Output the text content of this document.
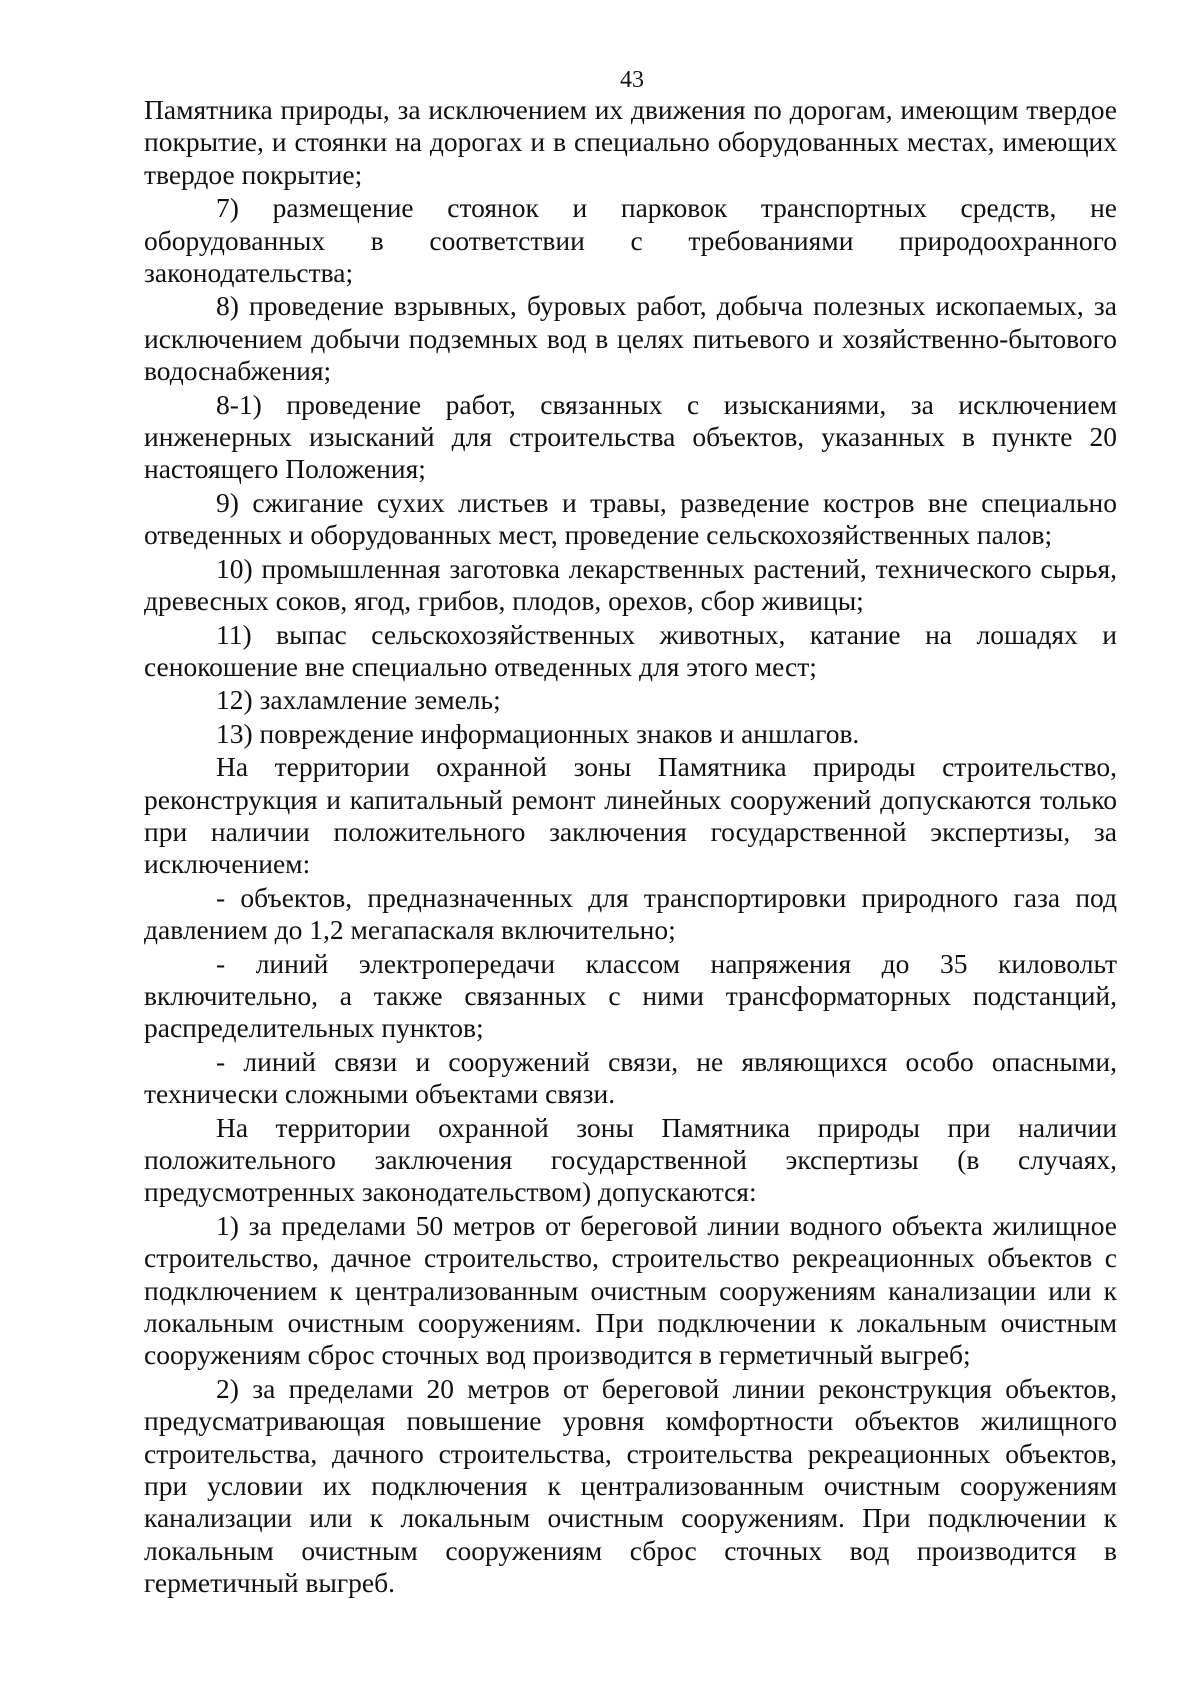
43

Памятника природы, за исключением их движения по дорогам, имеющим твердое покрытие, и стоянки на дорогах и в специально оборудованных местах, имеющих твердое покрытие;

7) размещение стоянок и парковок транспортных средств, не оборудованных в соответствии с требованиями природоохранного законодательства;

8) проведение взрывных, буровых работ, добыча полезных ископаемых, за исключением добычи подземных вод в целях питьевого и хозяйственно-бытового водоснабжения;

8-1) проведение работ, связанных с изысканиями, за исключением инженерных изысканий для строительства объектов, указанных в пункте 20 настоящего Положения;

9) сжигание сухих листьев и травы, разведение костров вне специально отведенных и оборудованных мест, проведение сельскохозяйственных палов;

10) промышленная заготовка лекарственных растений, технического сырья, древесных соков, ягод, грибов, плодов, орехов, сбор живицы;

11) выпас сельскохозяйственных животных, катание на лошадях и сенокошение вне специально отведенных для этого мест;

12) захламление земель;

13) повреждение информационных знаков и аншлагов.

На территории охранной зоны Памятника природы строительство, реконструкция и капитальный ремонт линейных сооружений допускаются только при наличии положительного заключения государственной экспертизы, за исключением:

- объектов, предназначенных для транспортировки природного газа под давлением до 1,2 мегапаскаля включительно;

- линий электропередачи классом напряжения до 35 киловольт включительно, а также связанных с ними трансформаторных подстанций, распределительных пунктов;

- линий связи и сооружений связи, не являющихся особо опасными, технически сложными объектами связи.

На территории охранной зоны Памятника природы при наличии положительного заключения государственной экспертизы (в случаях, предусмотренных законодательством) допускаются:

1) за пределами 50 метров от береговой линии водного объекта жилищное строительство, дачное строительство, строительство рекреационных объектов с подключением к централизованным очистным сооружениям канализации или к локальным очистным сооружениям. При подключении к локальным очистным сооружениям сброс сточных вод производится в герметичный выгреб;

2) за пределами 20 метров от береговой линии реконструкция объектов, предусматривающая повышение уровня комфортности объектов жилищного строительства, дачного строительства, строительства рекреационных объектов, при условии их подключения к централизованным очистным сооружениям канализации или к локальным очистным сооружениям. При подключении к локальным очистным сооружениям сброс сточных вод производится в герметичный выгреб.
